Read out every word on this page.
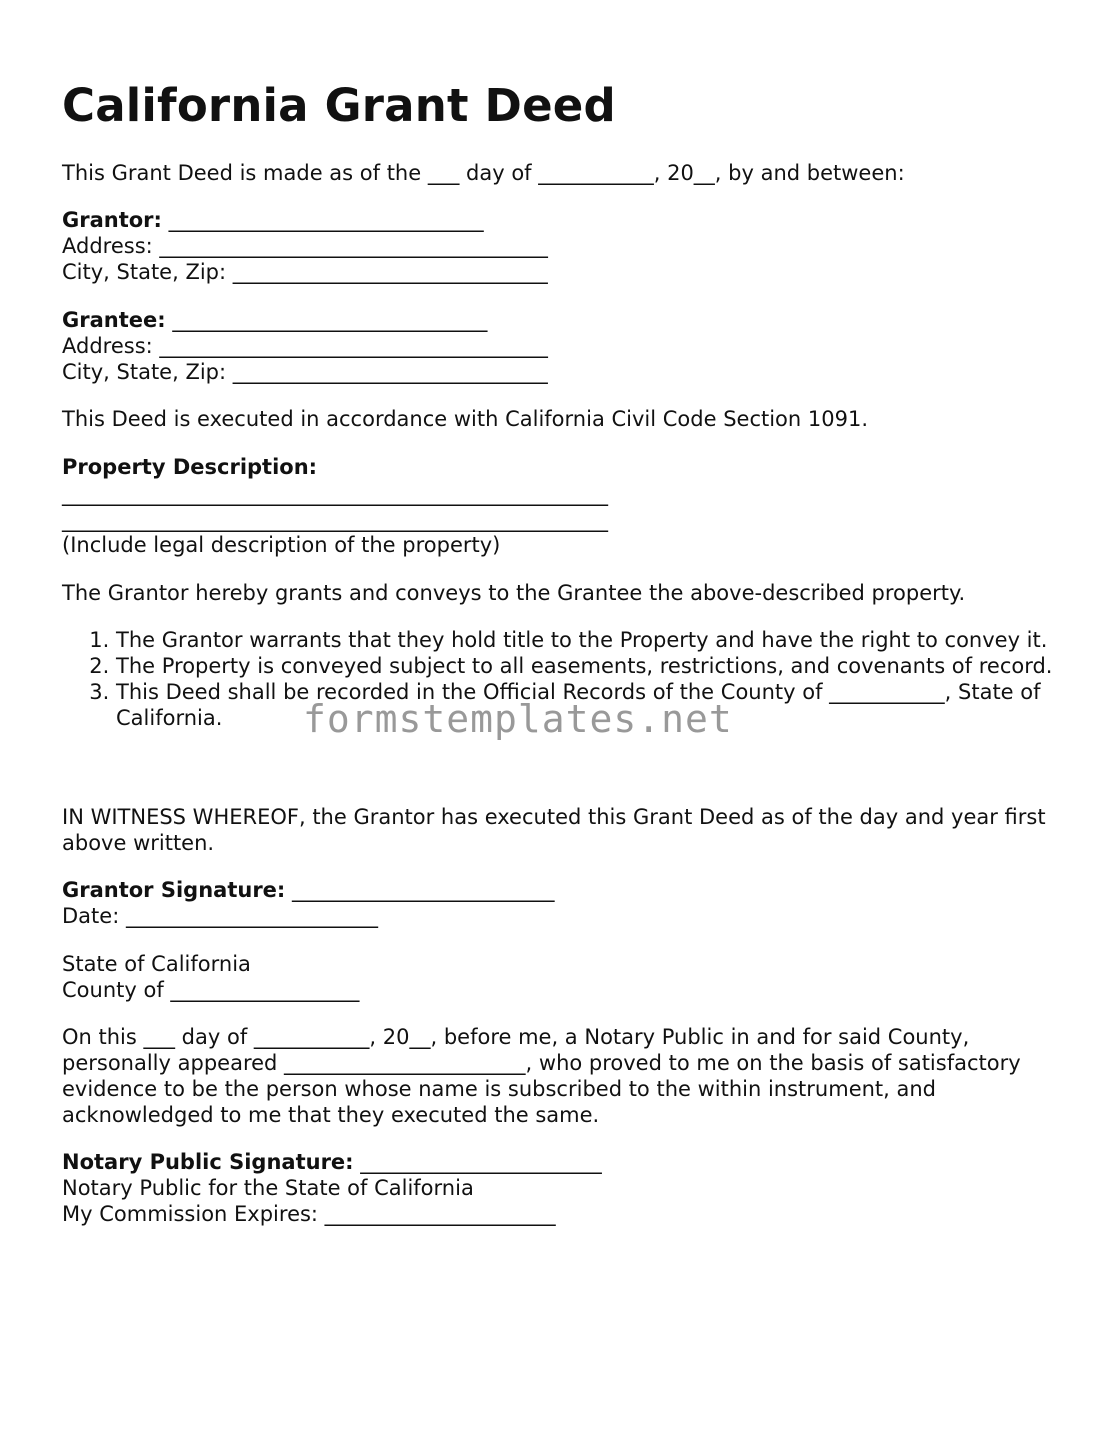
California Grant Deed

This Grant Deed is made as of the ___ day of ___________, 20__, by and between:

Grantor: ______________________________

Address: _____________________________________

City, State, Zip: ______________________________

Grantee: ______________________________

Address: _____________________________________

City, State, Zip: ______________________________

This Deed is executed in accordance with California Civil Code Section 1091.

Property Description:

____________________________________________________

____________________________________________________

(Include legal description of the property)

The Grantor hereby grants and conveys to the Grantee the above-described property.

1. The Grantor warrants that they hold title to the Property and have the right to convey it.
2. The Property is conveyed subject to all easements, restrictions, and covenants of record.
3. This Deed shall be recorded in the Official Records of the County of ___________, State of California.

IN WITNESS WHEREOF, the Grantor has executed this Grant Deed as of the day and year first above written.

Grantor Signature: _________________________

Date: ________________________

State of California

County of __________________

On this ___ day of ___________, 20__, before me, a Notary Public in and for said County, personally appeared _______________________, who proved to me on the basis of satisfactory evidence to be the person whose name is subscribed to the within instrument, and acknowledged to me that they executed the same.

Notary Public Signature: _______________________

Notary Public for the State of California

My Commission Expires: ______________________

formstemplates.net
